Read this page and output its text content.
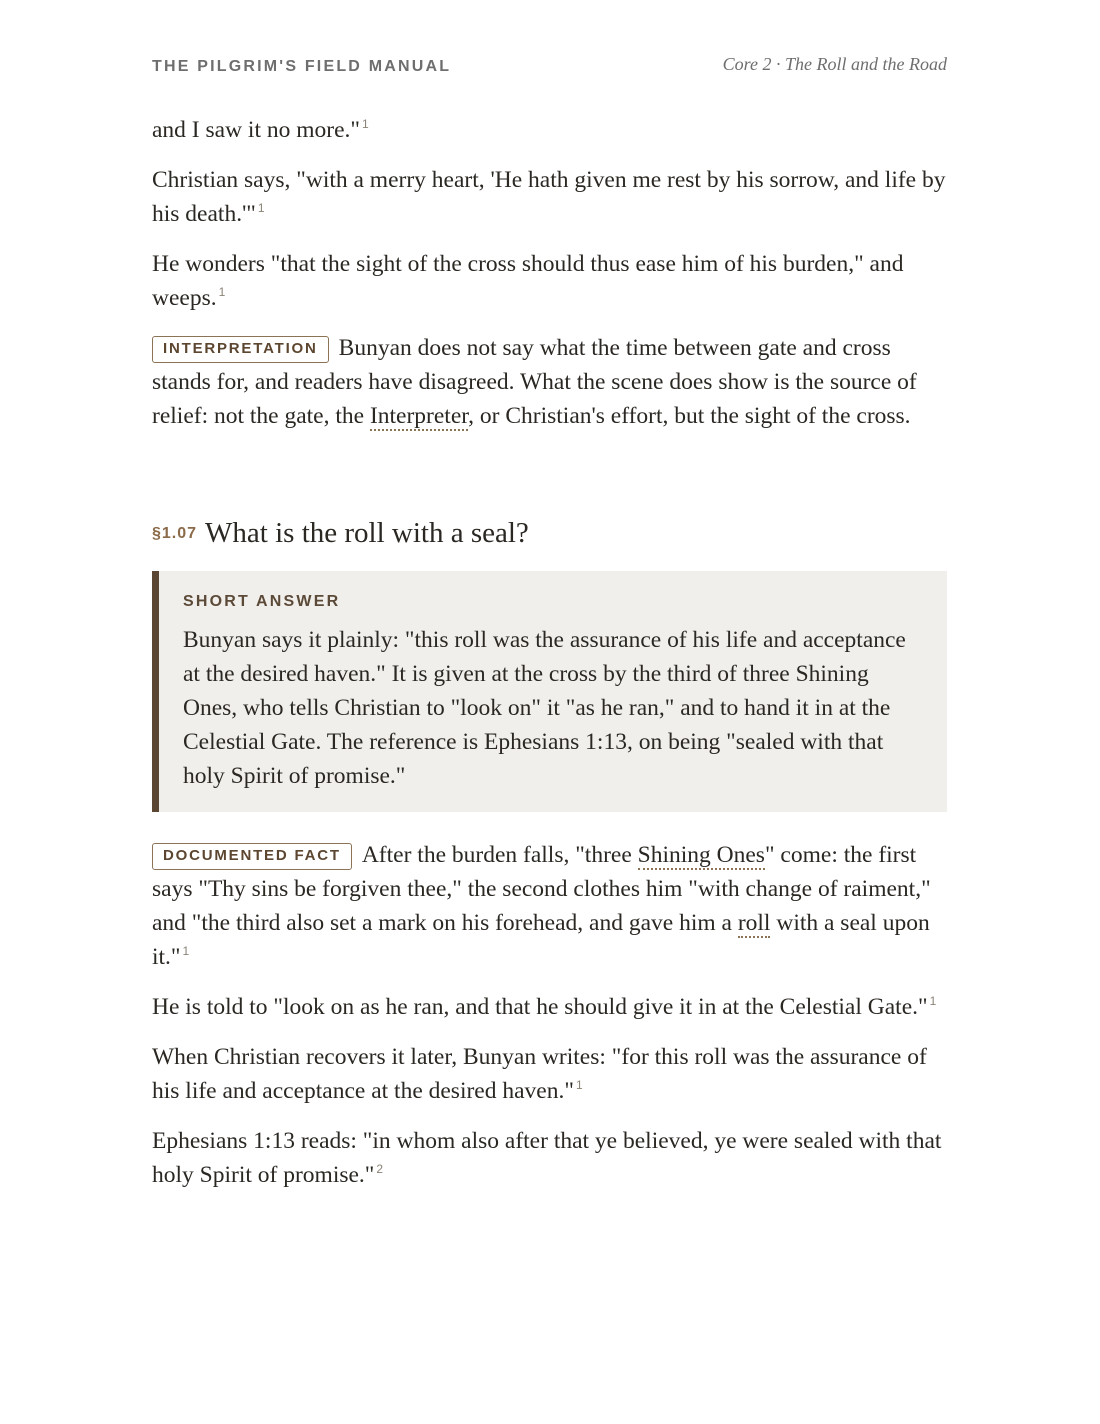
THE PILGRIM'S FIELD MANUAL	Core 2 · The Roll and the Road

and I saw it no more." $^1$

Christian says, "with a merry heart, 'He hath given me rest by his sorrow, and life by his death.'" $^1$

He wonders "that the sight of the cross should thus ease him of his burden," and weeps. $^1$

INTERPRETATION Bunyan does not say what the time between gate and cross stands for, and readers have disagreed. What the scene does show is the source of relief: not the gate, the Interpreter, or Christian's effort, but the sight of the cross.

§1.07 What is the roll with a seal?
SHORT ANSWER
Bunyan says it plainly: "this roll was the assurance of his life and acceptance at the desired haven." It is given at the cross by the third of three Shining Ones, who tells Christian to "look on" it "as he ran," and to hand it in at the Celestial Gate. The reference is Ephesians 1:13, on being "sealed with that holy Spirit of promise."

DOCUMENTED FACT After the burden falls, "three Shining Ones" come: the first says "Thy sins be forgiven thee," the second clothes him "with change of raiment," and "the third also set a mark on his forehead, and gave him a roll with a seal upon it." $^1$

He is told to "look on as he ran, and that he should give it in at the Celestial Gate." $^1$

When Christian recovers it later, Bunyan writes: "for this roll was the assurance of his life and acceptance at the desired haven." $^1$

Ephesians 1:13 reads: "in whom also after that ye believed, ye were sealed with that holy Spirit of promise." $^2$
